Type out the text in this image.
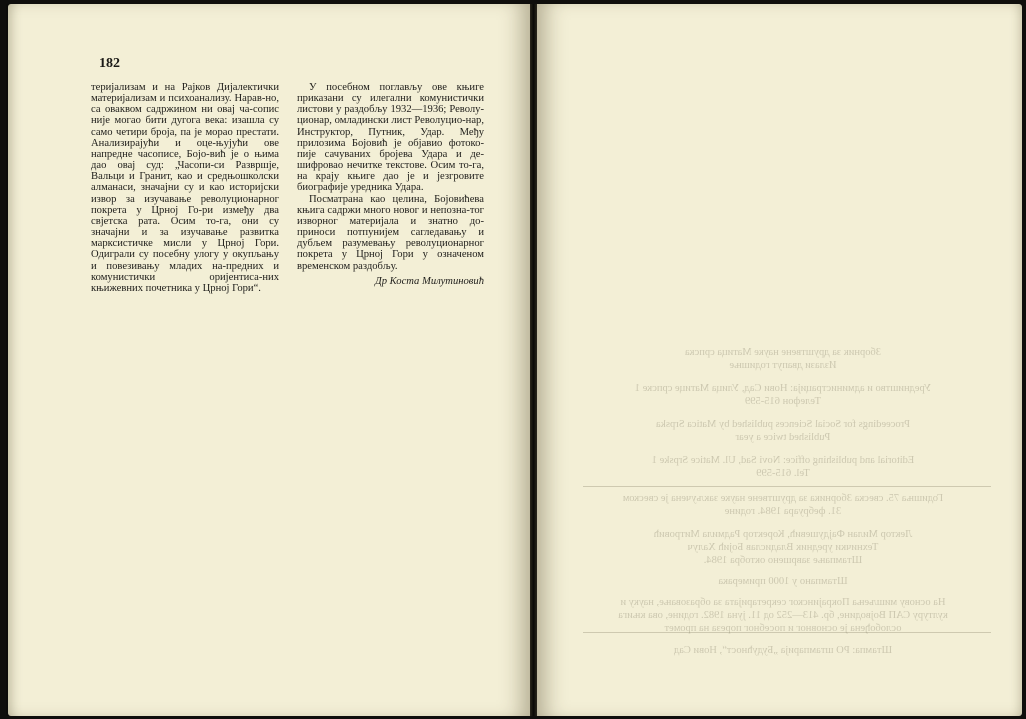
182

теријализам и на Рајков Дијалектички материјализам и психоанализу. Нарав-но, са оваквом садржином ни овај ча-сопис није могао бити дугога века: изашла су само четири броја, па је морао престати. Анализирајући и оце-њујући ове напредне часописе, Бојо-вић је о њима дао овај суд: „Часопи-си Развршје, Вальци и Гранит, као и средњошколски алманаси, значајни су и као историјски извор за изучавање револуционарног покрета у Црној Го-ри између два свјетска рата. Осим то-га, они су значајни и за изучавање развитка марксистичке мисли у Црној Гори. Одиграли су посебну улогу у окупљању и повезивању младих на-предних и комунистички оријентиса-них књижевних почетника у Црној Гори“.

У посебном поглављу ове књиге приказани су илегални комунистички листови у раздобљу 1932—1936; Револу-ционар, омладински лист Револуцио-нар, Инструктор, Путник, Удар. Међу прилозима Бојовић је објавио фотоко-пије сачуваних бројева Удара и де-шифровао нечитке текстове. Осим то-га, на крају књиге дао је и језгровите биографије уредника Удара.

Посматрана као целина, Бојовићева књига садржи много новог и непозна-тог изворног материјала и знатно до-приноси потпунијем сагледавању и дубљем разумевању револуционарног покрета у Црној Гори у означеном временском раздобљу.

Др Коста Милутиновић

Зборник за друштвене науке Матица српска

Излази двапут годишње

Уредништво и администрација: Нови Сад, Улица Матице српске 1

Телефон 615-599

Proceedings for Social Sciences published by Matica Srpska

Published twice a year

Editorial and publishing office: Novi Sad, Ul. Matice Srpske 1

Tel. 615-599

Годишња 75. свеска Зборника за друштвене науке закључена је свеском

31. фебруара 1984. године

Лектор Милан Фајдушевић, Коректор Радмила Митровић

Технички уредник Владислав Бојић Халуч

Штампање завршено октобра 1984.

Штампано у 1000 примерака

На основу мишљења Покрајинског секретаријата за образовање, науку и

културу САП Војводине, бр. 413—252 од 11. јуна 1982. године, ова књига

ослобођена је основног и посебног пореза на промет

Штампа: РО штампарија „Будућност“, Нови Сад
